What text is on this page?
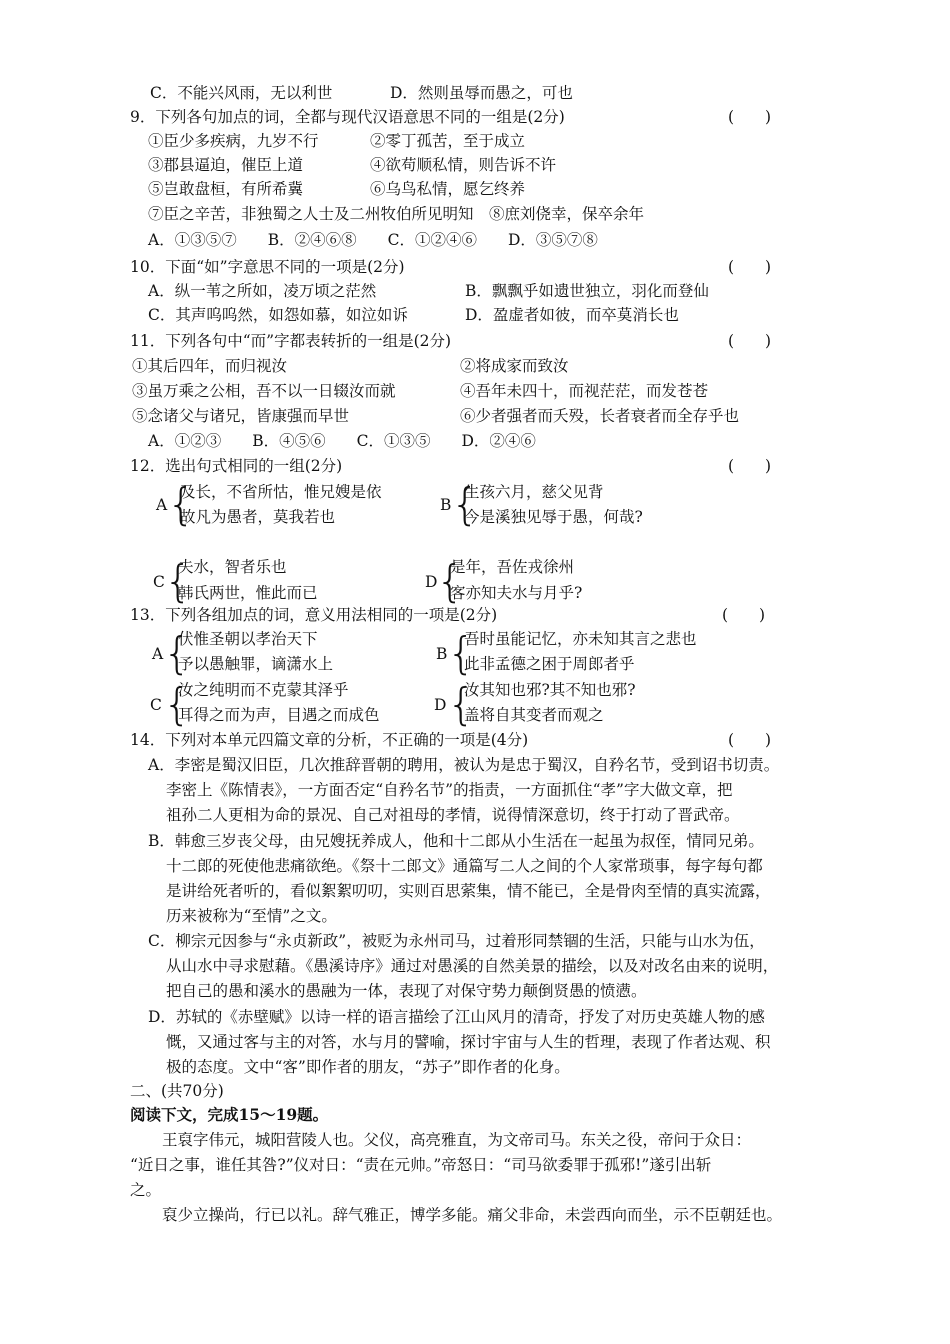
C．不能兴风雨，无以利世	D．然则虽辱而愚之，可也
9．下列各句加点的词，全都与现代汉语意思不同的一组是(2分)	(　　)
①臣少多疾病，九岁不行	②零丁孤苦，至于成立
③郡县逼迫，催臣上道	④欲苟顺私情，则告诉不许
⑤岂敢盘桓，有所希冀	⑥乌鸟私情，愿乞终养
⑦臣之辛苦，非独蜀之人士及二州牧伯所见明知　⑧庶刘侥幸，保卒余年
A．①③⑤⑦　　B．②④⑥⑧　　C．①②④⑥　　D．③⑤⑦⑧
10．下面“如”字意思不同的一项是(2分)	(　　)
A．纵一苇之所如，凌万顷之茫然	B．飘飘乎如遗世独立，羽化而登仙
C．其声呜呜然，如怨如慕，如泣如诉	D．盈虚者如彼，而卒莫消长也
11．下列各句中“而”字都表转折的一组是(2分)	(　　)
①其后四年，而归视汝	②将成家而致汝
③虽万乘之公相，吾不以一日辍汝而就	④吾年未四十，而视茫茫，而发苍苍
⑤念诸父与诸兄，皆康强而早世	⑥少者强者而夭殁，长者衰者而全存乎也
A．①②③　　B．④⑤⑥　　C．①③⑤　　D．②④⑥
12．选出句式相同的一组(2分)	(　　)
A {
及长，不省所怙，惟兄嫂是依
故凡为愚者，莫我若也
B {
生孩六月，慈父见背
今是溪独见辱于愚，何哉?
C {
夫水，智者乐也
韩氏两世，惟此而已
D
{
是年，吾佐戎徐州
客亦知夫水与月乎?
13．下列各组加点的词，意义用法相同的一项是(2分)	(　　)
A {
伏惟圣朝以孝治天下
予以愚触罪，谪潇水上
B {
吾时虽能记忆，亦未知其言之悲也
此非孟德之困于周郎者乎
C {
汝之纯明而不克蒙其泽乎
耳得之而为声，目遇之而成色
D {
汝其知也邪?其不知也邪?
盖将自其变者而观之
14．下列对本单元四篇文章的分析，不正确的一项是(4分)	(　　)
A．李密是蜀汉旧臣，几次推辞晋朝的聘用，被认为是忠于蜀汉，自矜名节，受到诏书切责。
李密上《陈情表》，一方面否定“自矜名节”的指责，一方面抓住“孝”字大做文章，把
祖孙二人更相为命的景况、自己对祖母的孝情，说得情深意切，终于打动了晋武帝。
B．韩愈三岁丧父母，由兄嫂抚养成人，他和十二郎从小生活在一起虽为叔侄，情同兄弟。
十二郎的死使他悲痛欲绝。《祭十二郎文》通篇写二人之间的个人家常琐事，每字每句都
是讲给死者听的，看似絮絮叨叨，实则百思萦集，情不能已，全是骨肉至情的真实流露，
历来被称为“至情”之文。
C．柳宗元因参与“永贞新政”，被贬为永州司马，过着形同禁锢的生活，只能与山水为伍，
从山水中寻求慰藉。《愚溪诗序》通过对愚溪的自然美景的描绘，以及对改名由来的说明，
把自己的愚和溪水的愚融为一体，表现了对保守势力颠倒贤愚的愤懑。
D．苏轼的《赤壁赋》以诗一样的语言描绘了江山风月的清奇，抒发了对历史英雄人物的感
慨，又通过客与主的对答，水与月的譬喻，探讨宇宙与人生的哲理，表现了作者达观、积
极的态度。文中“客”即作者的朋友，“苏子”即作者的化身。
二、(共70分)
阅读下文，完成15～19题。
王裒字伟元，城阳营陵人也。父仪，高亮雅直，为文帝司马。东关之役，帝问于众日：
“近日之事，谁任其咎?”仪对日：“责在元帅。”帝怒日：“司马欲委罪于孤邪!”遂引出斩
之。
裒少立操尚，行已以礼。辞气雅正，博学多能。痛父非命，未尝西向而坐，示不臣朝廷也。
